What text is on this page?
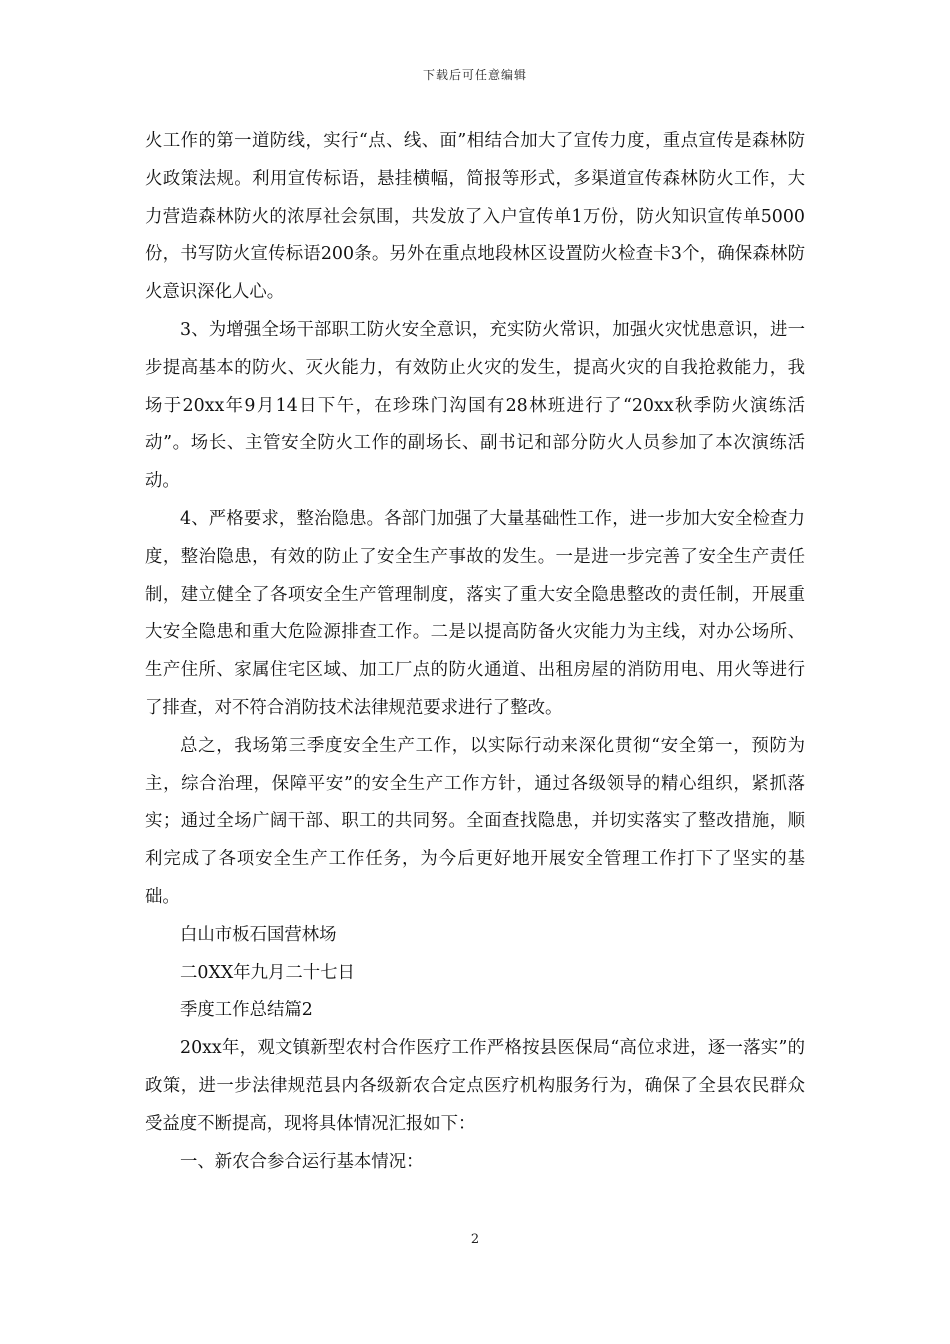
下载后可任意编辑

火工作的第一道防线，实行“点、线、面”相结合加大了宣传力度，重点宣传是森林防火政策法规。利用宣传标语，悬挂横幅，简报等形式，多渠道宣传森林防火工作，大力营造森林防火的浓厚社会氛围，共发放了入户宣传单1万份，防火知识宣传单5000份，书写防火宣传标语200条。另外在重点地段林区设置防火检查卡3个，确保森林防火意识深化人心。

3、为增强全场干部职工防火安全意识，充实防火常识，加强火灾忧患意识，进一步提高基本的防火、灭火能力，有效防止火灾的发生，提高火灾的自我抢救能力，我场于20xx年9月14日下午，在珍珠门沟国有28林班进行了“20xx秋季防火演练活动”。场长、主管安全防火工作的副场长、副书记和部分防火人员参加了本次演练活动。

4、严格要求，整治隐患。各部门加强了大量基础性工作，进一步加大安全检查力度，整治隐患，有效的防止了安全生产事故的发生。一是进一步完善了安全生产责任制，建立健全了各项安全生产管理制度，落实了重大安全隐患整改的责任制，开展重大安全隐患和重大危险源排查工作。二是以提高防备火灾能力为主线，对办公场所、生产住所、家属住宅区域、加工厂点的防火通道、出租房屋的消防用电、用火等进行了排查，对不符合消防技术法律规范要求进行了整改。

总之，我场第三季度安全生产工作，以实际行动来深化贯彻“安全第一，预防为主，综合治理，保障平安”的安全生产工作方针，通过各级领导的精心组织，紧抓落实；通过全场广阔干部、职工的共同努。全面查找隐患，并切实落实了整改措施，顺利完成了各项安全生产工作任务，为今后更好地开展安全管理工作打下了坚实的基础。

白山市板石国营林场

二0XX年九月二十七日

季度工作总结篇2

20xx年，观文镇新型农村合作医疗工作严格按县医保局“高位求进，逐一落实”的政策，进一步法律规范县内各级新农合定点医疗机构服务行为，确保了全县农民群众受益度不断提高，现将具体情况汇报如下：

一、新农合参合运行基本情况：

2
